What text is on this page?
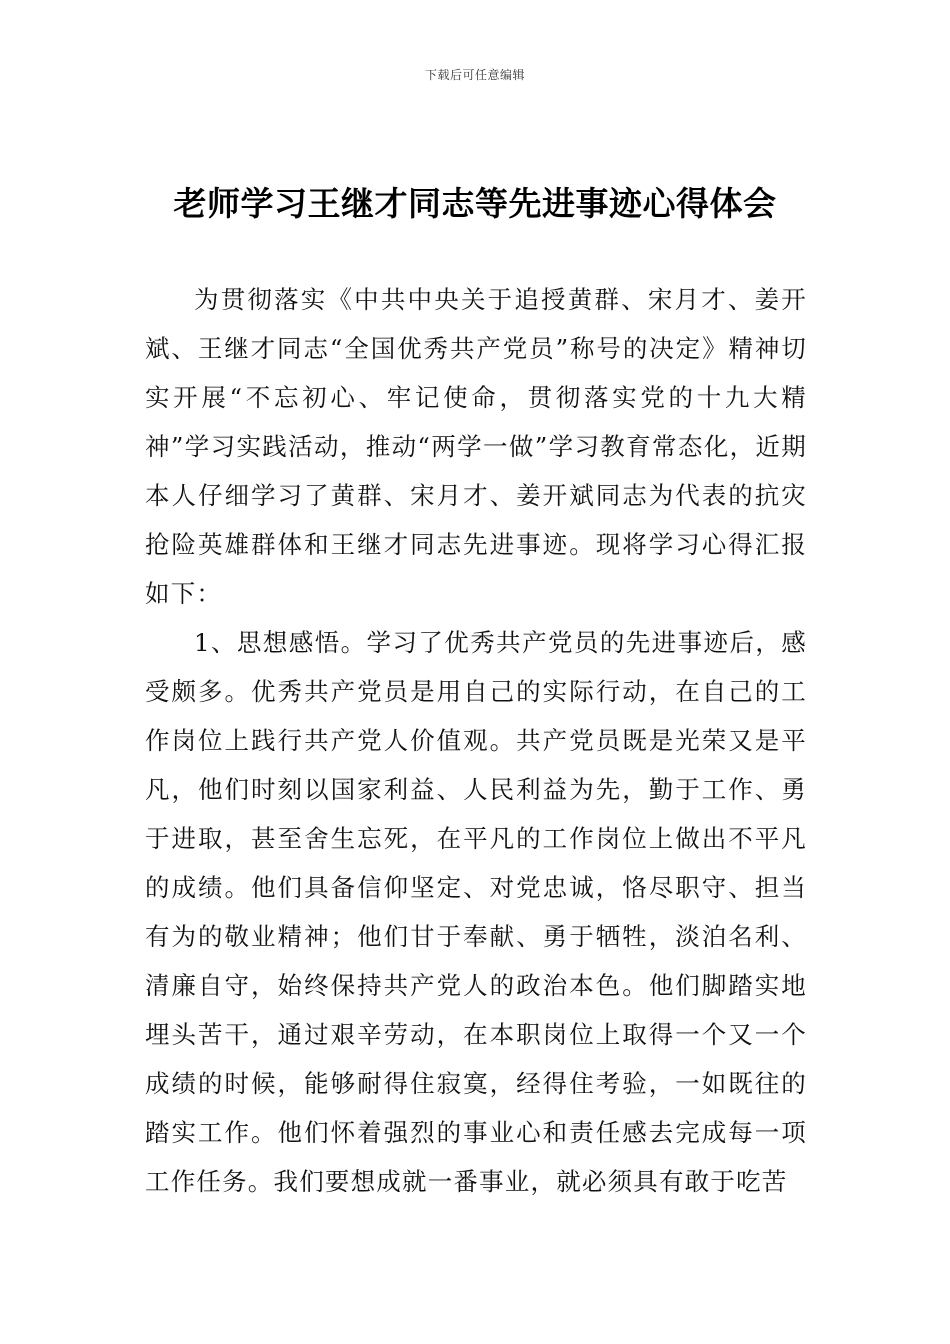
下载后可任意编辑
老师学习王继才同志等先进事迹心得体会

为贯彻落实《中共中央关于追授黄群、宋月才、姜开斌、王继才同志“全国优秀共产党员”称号的决定》精神切实开展“不忘初心、牢记使命，贯彻落实党的十九大精神”学习实践活动，推动“两学一做”学习教育常态化，近期本人仔细学习了黄群、宋月才、姜开斌同志为代表的抗灾抢险英雄群体和王继才同志先进事迹。现将学习心得汇报如下：

1、思想感悟。学习了优秀共产党员的先进事迹后，感受颇多。优秀共产党员是用自己的实际行动，在自己的工作岗位上践行共产党人价值观。共产党员既是光荣又是平凡，他们时刻以国家利益、人民利益为先，勤于工作、勇于进取，甚至舍生忘死，在平凡的工作岗位上做出不平凡的成绩。他们具备信仰坚定、对党忠诚，恪尽职守、担当有为的敬业精神；他们甘于奉献、勇于牺牲，淡泊名利、清廉自守，始终保持共产党人的政治本色。他们脚踏实地埋头苦干，通过艰辛劳动，在本职岗位上取得一个又一个成绩的时候，能够耐得住寂寞，经得住考验，一如既往的踏实工作。他们怀着强烈的事业心和责任感去完成每一项工作任务。我们要想成就一番事业，就必须具有敢于吃苦
